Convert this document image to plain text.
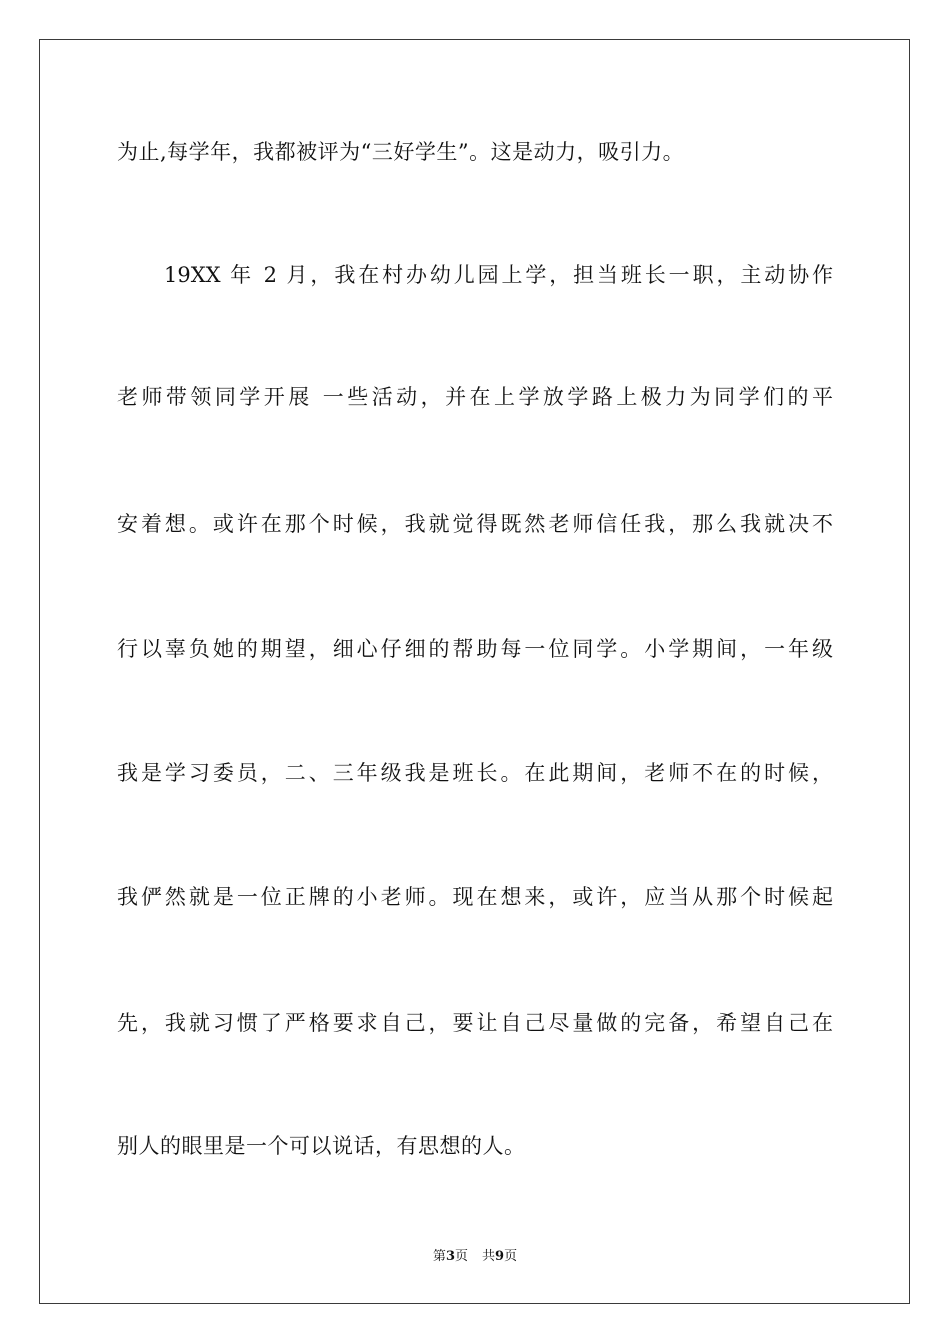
为止,每学年，我都被评为“三好学生”。这是动力，吸引力。
19XX 年 2 月，我在村办幼儿园上学，担当班长一职，主动协作
老师带领同学开展 一些活动，并在上学放学路上极力为同学们的平
安着想。或许在那个时候，我就觉得既然老师信任我，那么我就决不
行以辜负她的期望，细心仔细的帮助每一位同学。小学期间，一年级
我是学习委员，二、三年级我是班长。在此期间，老师不在的时候，
我俨然就是一位正牌的小老师。现在想来，或许，应当从那个时候起
先，我就习惯了严格要求自己，要让自己尽量做的完备，希望自己在
别人的眼里是一个可以说话，有思想的人。
第3页 共9页
